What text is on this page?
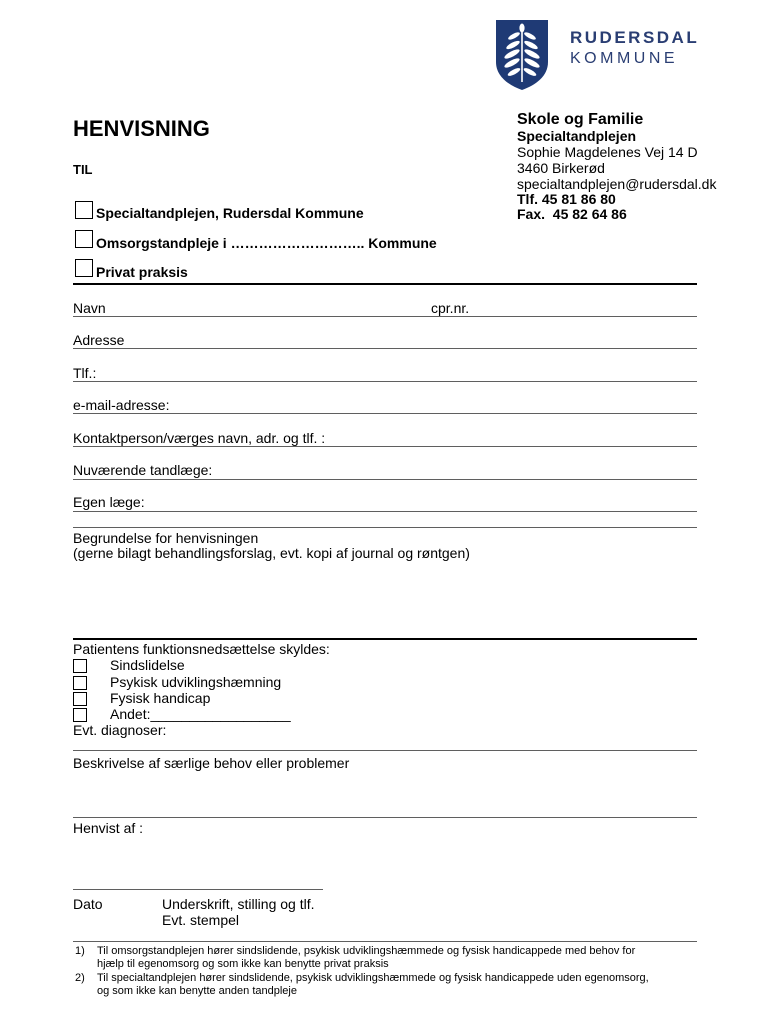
RUDERSDAL
KOMMUNE
Skole og Familie
Specialtandplejen
Sophie Magdelenes Vej 14 D
3460 Birkerød
specialtandplejen@rudersdal.dk
Tlf. 45 81 86 80
Fax.  45 82 64 86
HENVISNING
TIL
Specialtandplejen, Rudersdal Kommune
Omsorgstandpleje i ……………………….. Kommune
Privat praksis
Navn	cpr.nr.
Adresse
Tlf.:
e-mail-adresse:
Kontaktperson/værges navn, adr. og tlf. :
Nuværende tandlæge:
Egen læge:
Begrundelse for henvisningen
(gerne bilagt behandlingsforslag, evt. kopi af journal og røntgen)
Patientens funktionsnedsættelse skyldes:
Sindslidelse
Psykisk udviklingshæmning
Fysisk handicap
Andet:__________________
Evt. diagnoser:
Beskrivelse af særlige behov eller problemer
Henvist af :
Dato	Underskrift, stilling og tlf.
Evt. stempel
1) Til omsorgstandplejen hører sindslidende, psykisk udviklingshæmmede og fysisk handicappede med behov for
hjælp til egenomsorg og som ikke kan benytte privat praksis
2) Til specialtandplejen hører sindslidende, psykisk udviklingshæmmede og fysisk handicappede uden egenomsorg,
og som ikke kan benytte anden tandpleje
